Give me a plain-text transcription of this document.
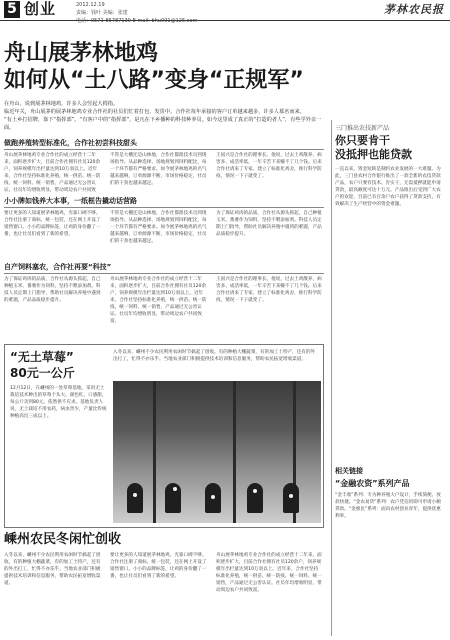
5 创业	2012.12.19
责编：钱叶 美编：张建
电话：0571-85787139 E-mail: bhu001@126.com
茅林农民报
舟山展茅林地鸡
如何从“土八路”变身“正规军”
在舟山，说到展茅林地鸡，许多人会竖起大拇指。
临近年关，舟山展茅的展茅林地鸡专业合作社的社员们忙着打包、发货中。合作社每年承接的客户订单越来越多，许多人慕名而来。
“有土乡打招牌，靠下“指挥部”。“有客户中的“指挥部”，是凡在下乡播种的科技种养员。如今这里成了真正的“打造的者人”，有些学外亲一面。
做跑养殖转型标准化，合作社初尝科技甜头
舟山展茅林地鸡专业合作社的成立经营十二年来，面积逐步扩大，目前合作社拥有社员120余户，饲养规模年出栏量达到10万羽以上。近年来，合作社坚持标准化养殖，统一供苗、统一防疫、统一饲料、统一销售，产品通过无公害认证。社员年均增收明显，带动周边农户共同致
不管是大棚还是山林地，合作社都派技术员到现场指导。从品种选择、场地规划到饲料配比，每一个环节都有严格要求。如今展茅林地鸡的名气越来越响，订单源源不断，市场价格稳定，社员们的干劲也越来越足。
王国兴是合作社的理事长。他说，过去土鸡散养，病害多、成活率低，一年辛苦下来赚不了几个钱。后来合作社请来了专家，建立了标准化鸡舍，推行科学防疫，情况一下子就变了。
小小牌如钱养大本事，一纸框告撬动话营路
要让更多的人知道展茅林地鸡，光靠口碑不够。合作社注册了商标，统一包装，还在网上开设了销售窗口。小小的品牌标签，让鸡的身价翻了一番，也让社员们看到了新的希望。
不管是大棚还是山林地，合作社都派技术员到现场指导。从品种选择、场地规划到饲料配比，每一个环节都有严格要求。如今展茅林地鸡的名气越来越响，订单源源不断，市场价格稳定，社员们的干劲也越来越足。
为了保证鸡肉的品质，合作社从源头抓起，自己种植玉米、番薯作为饲料，坚持不喂添加剂。科技人员定期上门指导，帮助社员解决养殖中遇到的难题，产品品质稳步提升。
自产饲料塞农，合作社再要“科技”
为了保证鸡肉的品质，合作社从源头抓起，自己种植玉米、番薯作为饲料，坚持不喂添加剂。科技人员定期上门指导，帮助社员解决养殖中遇到的难题，产品品质稳步提升。
舟山展茅林地鸡专业合作社的成立经营十二年来，面积逐步扩大，目前合作社拥有社员120余户，饲养规模年出栏量达到10万羽以上。近年来，合作社坚持标准化养殖，统一供苗、统一防疫、统一饲料、统一销售，产品通过无公害认证。社员年均增收明显，带动周边农户共同致富。
王国兴是合作社的理事长。他说，过去土鸡散养，病害多、成活率低，一年辛苦下来赚不了几个钱。后来合作社请来了专家，建立了标准化鸡舍，推行科学防疫，情况一下子就变了。
“无土草莓”
80元一公斤
12月12日，在嵊州的一处草莓基地，采用无土栽培技术种出的草莓个头大、颜色红、口感甜，每公斤卖到80元，依然供不应求。基地负责人说，无土栽培不用农药，病虫害少，产量比传统种植高出三成以上。
入冬以来，嵊州不少农民利用农闲时节搞起了创收。有的种植大棚蔬菜，有的加工土特产，还有的外出打工，忙得不亦乐乎。当地农业部门积极提供技术培训和信息服务，帮助农民拓宽增收渠道。
嵊州农民冬闲忙创收
入冬以来，嵊州不少农民利用农闲时节搞起了创收。有的种植大棚蔬菜，有的加工土特产，还有的外出打工，忙得不亦乐乎。当地农业部门积极提供技术培训和信息服务，帮助农民拓宽增收渠道。
要让更多的人知道展茅林地鸡，光靠口碑不够。合作社注册了商标，统一包装，还在网上开设了销售窗口。小小的品牌标签，让鸡的身价翻了一番，也让社员们看到了新的希望。
舟山展茅林地鸡专业合作社的成立经营十二年来，面积逐步扩大，目前合作社拥有社员120余户，饲养规模年出栏量达到10万羽以上。近年来，合作社坚持标准化养殖，统一供苗、统一防疫、统一饲料、统一销售，产品通过无公害认证。社员年均增收明显，带动周边农户共同致富。
三门推出农技新产品
你只要肯干
没抵押也能贷款
一直以来，资金短缺是制约农业发展的一大难题。为此，三门县农村合作银行推出了一款全新的农技贷款产品，农户只要有技术、肯实干，无需抵押就能申请贷款，最高额度可达十万元。产品推出后受到广大农户的欢迎，目前已有百余户农户获得了贷款支持，有效解决了生产经营中的资金难题。
相关链接
“金融农资”系列产品
“金丰收”系列：专为种养殖大户设计，手续简便、放款快捷。“金农易贷”系列：农户凭信用即可申请小额贷款。“金惠民”系列：面向农村创业青年，提供优惠利率。
